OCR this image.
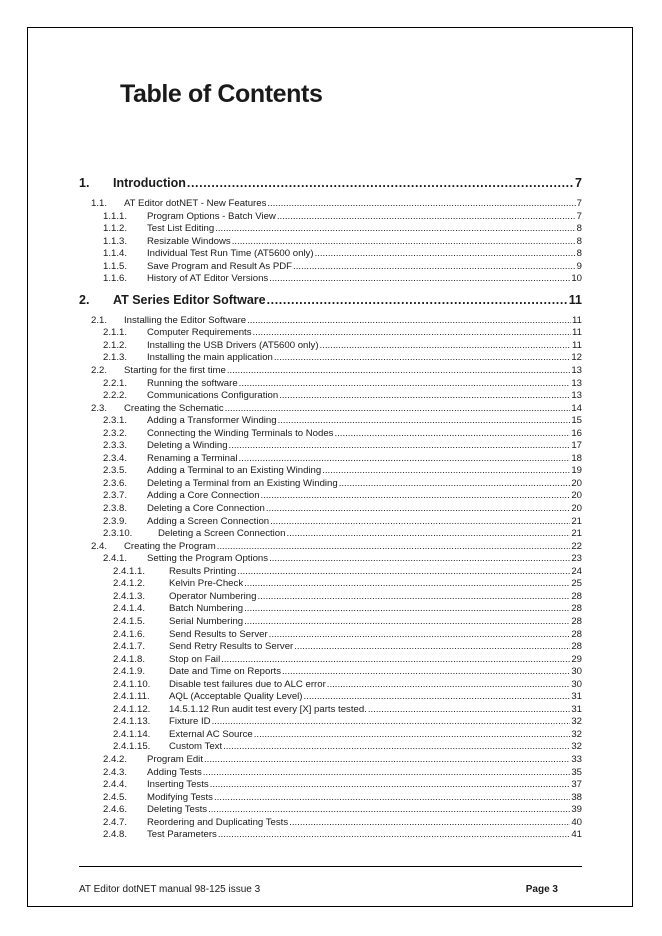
Table of Contents
1.	Introduction .....	7
1.1.	AT Editor dotNET - New Features .....	7
1.1.1.	Program Options - Batch View .....	7
1.1.2.	Test List Editing .....	8
1.1.3.	Resizable Windows .....	8
1.1.4.	Individual Test Run Time (AT5600 only) .....	8
1.1.5.	Save Program and Result As PDF .....	9
1.1.6.	History of AT Editor Versions .....	10
2.	AT Series Editor Software .....	11
2.1.	Installing the Editor Software .....	11
2.1.1.	Computer Requirements .....	11
2.1.2.	Installing the USB Drivers (AT5600 only) .....	11
2.1.3.	Installing the main application .....	12
2.2.	Starting for the first time .....	13
2.2.1.	Running the software .....	13
2.2.2.	Communications Configuration .....	13
2.3.	Creating the Schematic .....	14
2.3.1.	Adding a Transformer Winding .....	15
2.3.2.	Connecting the Winding Terminals to Nodes .....	16
2.3.3.	Deleting a Winding .....	17
2.3.4.	Renaming a Terminal .....	18
2.3.5.	Adding a Terminal to an Existing Winding .....	19
2.3.6.	Deleting a Terminal from an Existing Winding .....	20
2.3.7.	Adding a Core Connection .....	20
2.3.8.	Deleting a Core Connection .....	20
2.3.9.	Adding a Screen Connection .....	21
2.3.10.	Deleting a Screen Connection .....	21
2.4.	Creating the Program .....	22
2.4.1.	Setting the Program Options .....	23
2.4.1.1.	Results Printing .....	24
2.4.1.2.	Kelvin Pre-Check .....	25
2.4.1.3.	Operator Numbering .....	28
2.4.1.4.	Batch Numbering .....	28
2.4.1.5.	Serial Numbering .....	28
2.4.1.6.	Send Results to Server .....	28
2.4.1.7.	Send Retry Results to Server .....	28
2.4.1.8.	Stop on Fail .....	29
2.4.1.9.	Date and Time on Reports .....	30
2.4.1.10.	Disable test failures due to ALC error .....	30
2.4.1.11.	AQL (Acceptable Quality Level) .....	31
2.4.1.12.	14.5.1.12 Run audit test every [X] parts tested. .....	31
2.4.1.13.	Fixture ID .....	32
2.4.1.14.	External AC Source .....	32
2.4.1.15.	Custom Text .....	32
2.4.2.	Program Edit .....	33
2.4.3.	Adding Tests .....	35
2.4.4.	Inserting Tests .....	37
2.4.5.	Modifying Tests .....	38
2.4.6.	Deleting Tests .....	39
2.4.7.	Reordering and Duplicating Tests .....	40
2.4.8.	Test Parameters .....	41
AT Editor dotNET manual 98-125 issue 3	Page 3
